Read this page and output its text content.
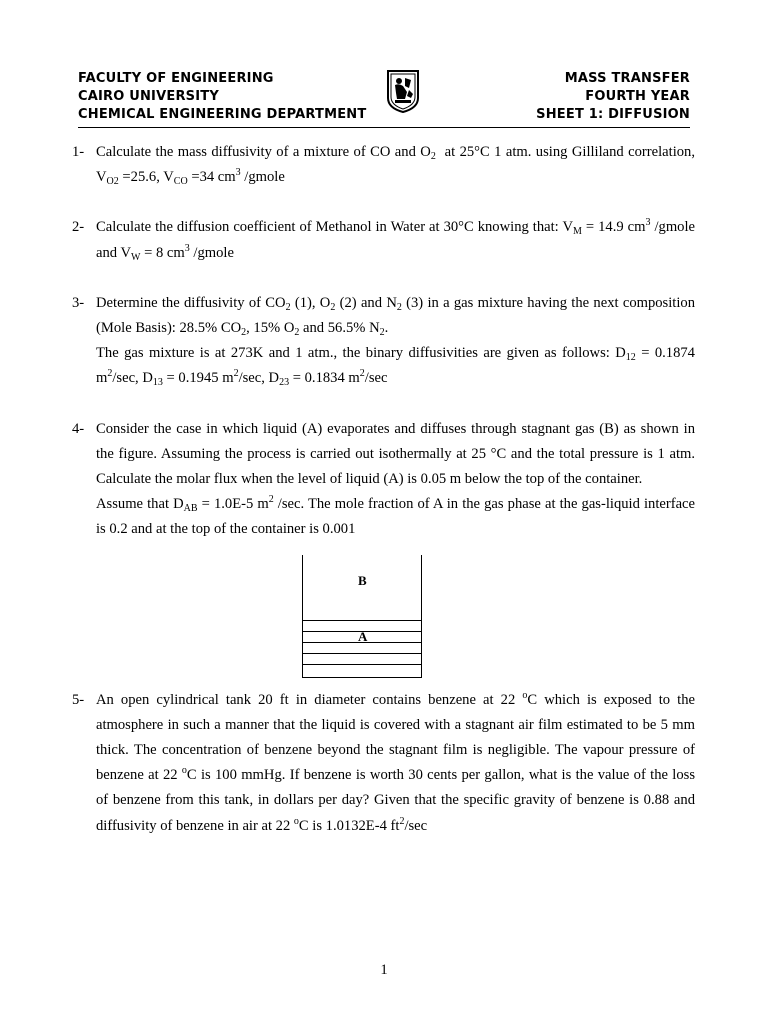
FACULTY OF ENGINEERING
CAIRO UNIVERSITY
CHEMICAL ENGINEERING DEPARTMENT
MASS TRANSFER
FOURTH YEAR
SHEET 1: DIFFUSION
1- Calculate the mass diffusivity of a mixture of CO and $O_2$  at 25°C 1 atm. using Gilliland correlation, $V_{O2} =25.6$, $V_{CO} =34$ $cm^3$ /gmole

2- Calculate the diffusion coefficient of Methanol in Water at 30°C knowing that: $V_M = 14.9$ $cm^3$ /gmole and $V_W = 8$ $cm^3$ /gmole

3- Determine the diffusivity of $CO_2$ (1), $O_2$ (2) and $N_2$ (3) in a gas mixture having the next composition (Mole Basis): 28.5% $CO_2$, 15% $O_2$ and 56.5% $N_2$.

The gas mixture is at 273K and 1 atm., the binary diffusivities are given as follows: $D_{12} = 0.1874$ $m^2/\sec$, $D_{13} = 0.1945$ $m^2/\sec$, $D_{23} = 0.1834$ $m^2/\sec$

4- Consider the case in which liquid (A) evaporates and diffuses through stagnant gas (B) as shown in the figure. Assuming the process is carried out isothermally at 25 °C and the total pressure is 1 atm. Calculate the molar flux when the level of liquid (A) is 0.05 m below the top of the container.

Assume that $D_{AB} = 1.0E-5$ $m^2$ /sec. The mole fraction of A in the gas phase at the gas-liquid interface is 0.2 and at the top of the container is 0.001

B
A
5- An open cylindrical tank 20 ft in diameter contains benzene at 22 $^o$C which is exposed to the atmosphere in such a manner that the liquid is covered with a stagnant air film estimated to be 5 mm thick. The concentration of benzene beyond the stagnant film is negligible. The vapour pressure of benzene at 22 $^o$C is 100 mmHg. If benzene is worth 30 cents per gallon, what is the value of the loss of benzene from this tank, in dollars per day? Given that the specific gravity of benzene is 0.88 and diffusivity of benzene in air at 22 $^o$C is 1.0132E-4 $ft^2/\sec$

1
